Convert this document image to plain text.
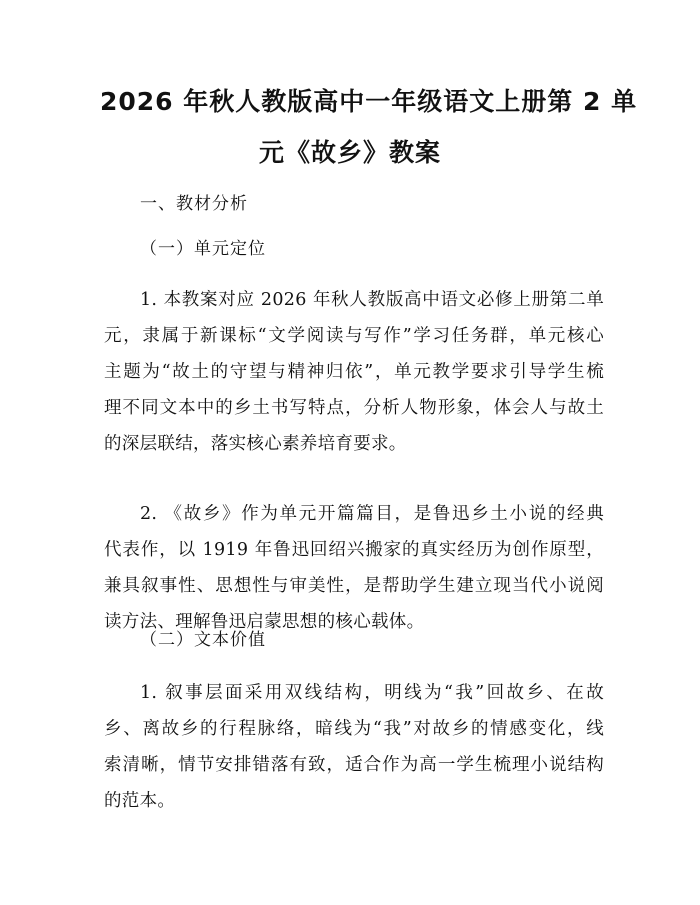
2026 年秋人教版高中一年级语文上册第 2 单
元《故乡》教案

一、教材分析

（一）单元定位

1. 本教案对应 2026 年秋人教版高中语文必修上册第二单
元，隶属于新课标“文学阅读与写作”学习任务群，单元核心
主题为“故土的守望与精神归依”，单元教学要求引导学生梳
理不同文本中的乡土书写特点，分析人物形象，体会人与故土
的深层联结，落实核心素养培育要求。
2. 《故乡》作为单元开篇篇目，是鲁迅乡土小说的经典
代表作，以 1919 年鲁迅回绍兴搬家的真实经历为创作原型，
兼具叙事性、思想性与审美性，是帮助学生建立现当代小说阅
读方法、理解鲁迅启蒙思想的核心载体。

（二）文本价值

1. 叙事层面采用双线结构，明线为“我”回故乡、在故
乡、离故乡的行程脉络，暗线为“我”对故乡的情感变化，线
索清晰，情节安排错落有致，适合作为高一学生梳理小说结构
的范本。
